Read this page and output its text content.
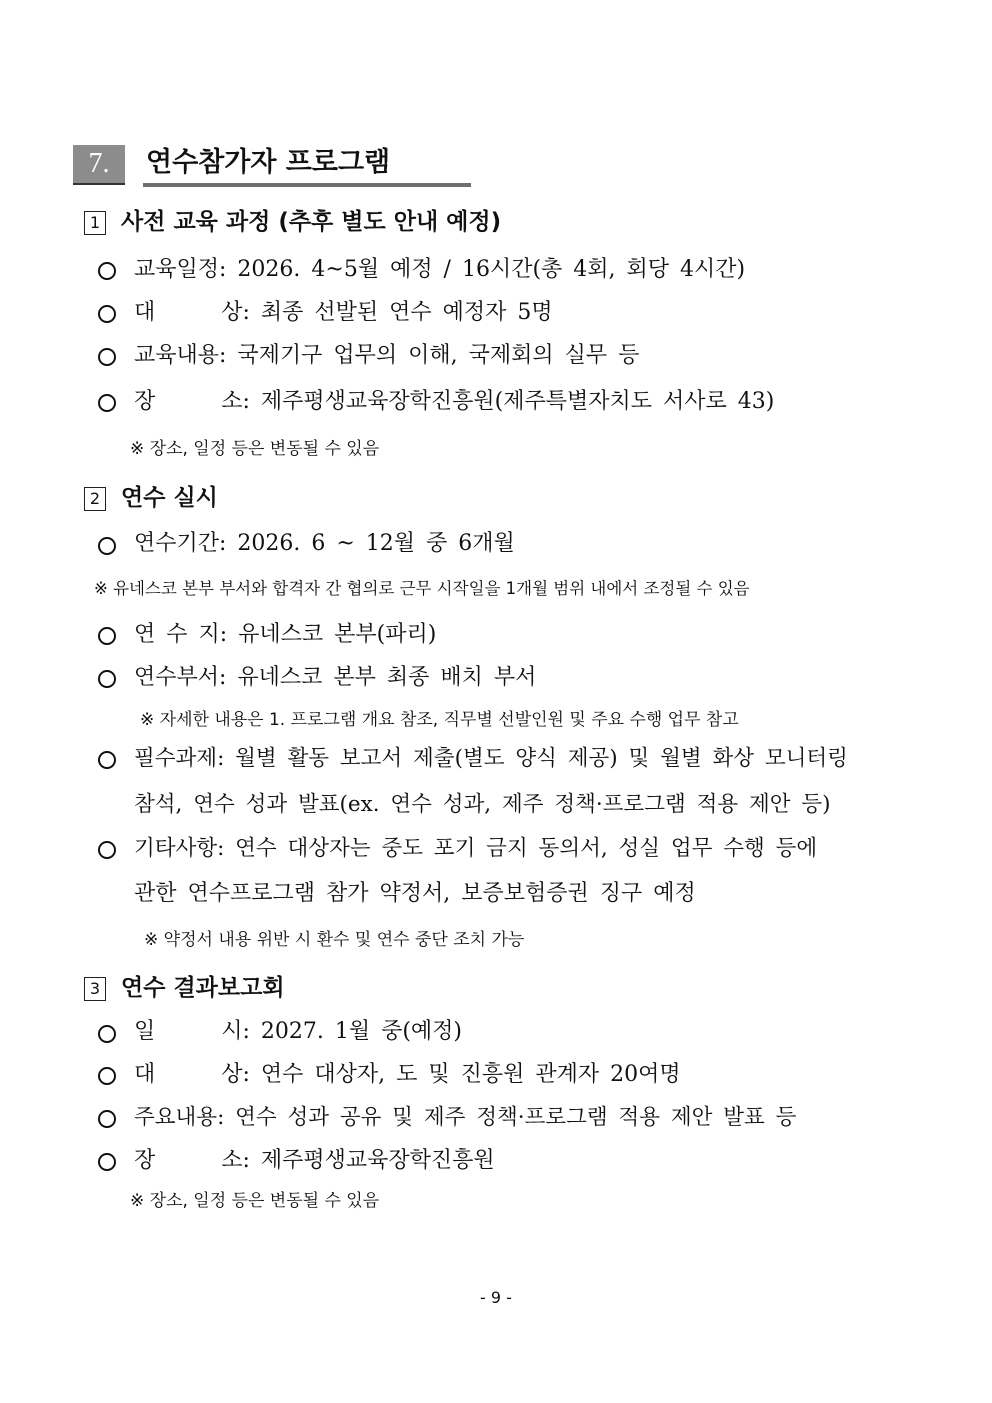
7.	연수참가자 프로그램
1 사전 교육 과정 (추후 별도 안내 예정)
교육일정: 2026. 4~5월 예정 / 16시간(총 4회, 회당 4시간)
대      상: 최종 선발된 연수 예정자 5명
교육내용: 국제기구 업무의 이해, 국제회의 실무 등
장      소: 제주평생교육장학진흥원(제주특별자치도 서사로 43)
※ 장소, 일정 등은 변동될 수 있음
2 연수 실시
연수기간: 2026. 6 ~ 12월 중 6개월
※ 유네스코 본부 부서와 합격자 간 협의로 근무 시작일을 1개월 범위 내에서 조정될 수 있음
연 수 지: 유네스코 본부(파리)
연수부서: 유네스코 본부 최종 배치 부서
※ 자세한 내용은 1. 프로그램 개요 참조, 직무별 선발인원 및 주요 수행 업무 참고
필수과제: 월별 활동 보고서 제출(별도 양식 제공) 및 월별 화상 모니터링
참석, 연수 성과 발표(ex. 연수 성과, 제주 정책·프로그램 적용 제안 등)
기타사항: 연수 대상자는 중도 포기 금지 동의서, 성실 업무 수행 등에
관한 연수프로그램 참가 약정서, 보증보험증권 징구 예정
※ 약정서 내용 위반 시 환수 및 연수 중단 조치 가능
3 연수 결과보고회
일      시: 2027. 1월 중(예정)
대      상: 연수 대상자, 도 및 진흥원 관계자 20여명
주요내용: 연수 성과 공유 및 제주 정책·프로그램 적용 제안 발표 등
장      소: 제주평생교육장학진흥원
※ 장소, 일정 등은 변동될 수 있음
- 9 -
